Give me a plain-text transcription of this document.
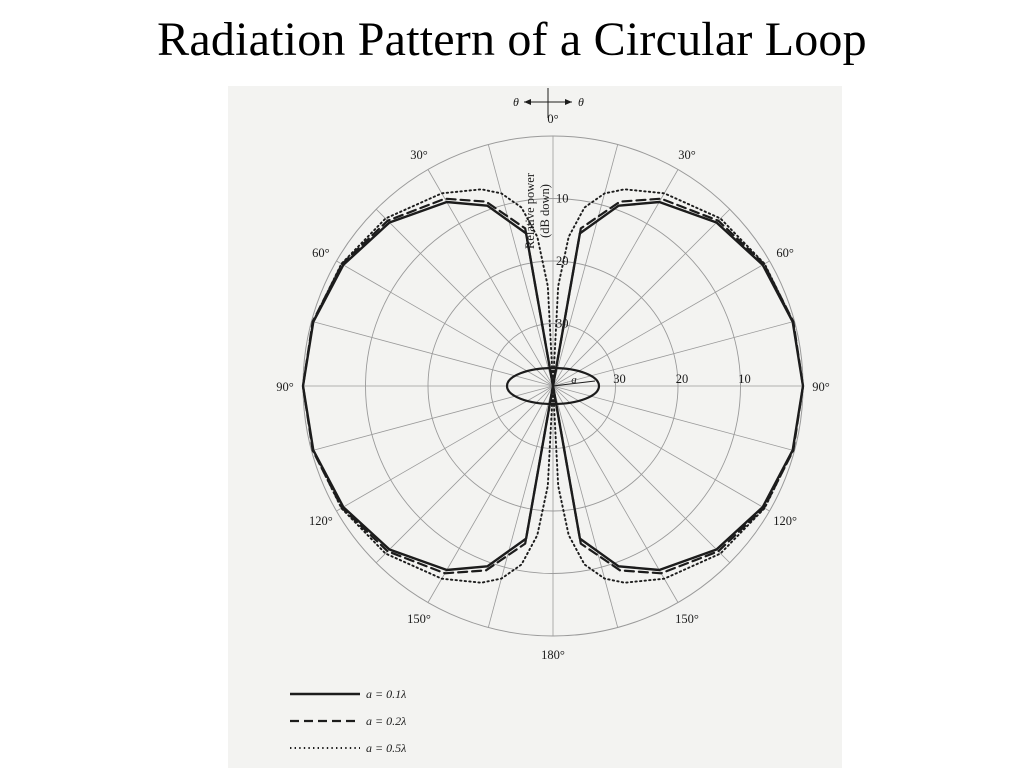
Radiation Pattern of a Circular Loop
0°
30°
30°
60°
60°
90°
90°
120°
120°
150°
150°
180°
10
20
30
30	20	10
Relative power (dB down)
θ	θ
a
a = 0.1λ
a = 0.2λ
a = 0.5λ
